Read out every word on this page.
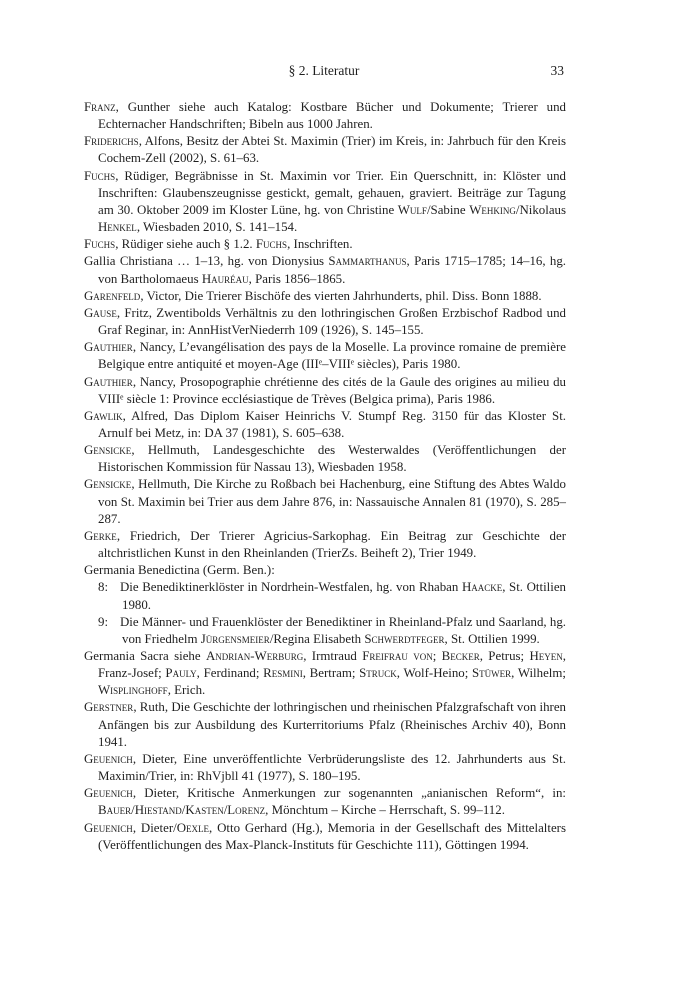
§ 2. Literatur	33
Franz, Gunther siehe auch Katalog: Kostbare Bücher und Dokumente; Trierer und Echternacher Handschriften; Bibeln aus 1000 Jahren.
Friderichs, Alfons, Besitz der Abtei St. Maximin (Trier) im Kreis, in: Jahrbuch für den Kreis Cochem-Zell (2002), S. 61–63.
Fuchs, Rüdiger, Begräbnisse in St. Maximin vor Trier. Ein Querschnitt, in: Klöster und Inschriften: Glaubenszeugnisse gestickt, gemalt, gehauen, graviert. Beiträge zur Tagung am 30. Oktober 2009 im Kloster Lüne, hg. von Christine Wulf/Sabine Wehking/Nikolaus Henkel, Wiesbaden 2010, S. 141–154.
Fuchs, Rüdiger siehe auch § 1.2. Fuchs, Inschriften.
Gallia Christiana … 1–13, hg. von Dionysius Sammarthanus, Paris 1715–1785; 14–16, hg. von Bartholomaeus Hauréau, Paris 1856–1865.
Garenfeld, Victor, Die Trierer Bischöfe des vierten Jahrhunderts, phil. Diss. Bonn 1888.
Gause, Fritz, Zwentibolds Verhältnis zu den lothringischen Großen Erzbischof Radbod und Graf Reginar, in: AnnHistVerNiederrh 109 (1926), S. 145–155.
Gauthier, Nancy, L’evangélisation des pays de la Moselle. La province romaine de première Belgique entre antiquité et moyen-Age (IIIᵉ–VIIIᵉ siècles), Paris 1980.
Gauthier, Nancy, Prosopographie chrétienne des cités de la Gaule des origines au milieu du VIIIᵉ siècle 1: Province ecclésiastique de Trèves (Belgica prima), Paris 1986.
Gawlik, Alfred, Das Diplom Kaiser Heinrichs V. Stumpf Reg. 3150 für das Kloster St. Arnulf bei Metz, in: DA 37 (1981), S. 605–638.
Gensicke, Hellmuth, Landesgeschichte des Westerwaldes (Veröffentlichungen der Historischen Kommission für Nassau 13), Wiesbaden 1958.
Gensicke, Hellmuth, Die Kirche zu Roßbach bei Hachenburg, eine Stiftung des Abtes Waldo von St. Maximin bei Trier aus dem Jahre 876, in: Nassauische Annalen 81 (1970), S. 285–287.
Gerke, Friedrich, Der Trierer Agricius-Sarkophag. Ein Beitrag zur Geschichte der altchristlichen Kunst in den Rheinlanden (TrierZs. Beiheft 2), Trier 1949.
Germania Benedictina (Germ. Ben.):
8: Die Benediktinerklöster in Nordrhein-Westfalen, hg. von Rhaban Haacke, St. Ottilien 1980.
9: Die Männer- und Frauenklöster der Benediktiner in Rheinland-Pfalz und Saarland, hg. von Friedhelm Jürgensmeier/Regina Elisabeth Schwerdtfeger, St. Ottilien 1999.
Germania Sacra siehe Andrian-Werburg, Irmtraud Freifrau von; Becker, Petrus; Heyen, Franz-Josef; Pauly, Ferdinand; Resmini, Bertram; Struck, Wolf-Heino; Stüwer, Wilhelm; Wisplinghoff, Erich.
Gerstner, Ruth, Die Geschichte der lothringischen und rheinischen Pfalzgrafschaft von ihren Anfängen bis zur Ausbildung des Kurterritoriums Pfalz (Rheinisches Archiv 40), Bonn 1941.
Geuenich, Dieter, Eine unveröffentlichte Verbrüderungsliste des 12. Jahrhunderts aus St. Maximin/Trier, in: RhVjbll 41 (1977), S. 180–195.
Geuenich, Dieter, Kritische Anmerkungen zur sogenannten „anianischen Reform“, in: Bauer/Hiestand/Kasten/Lorenz, Mönchtum – Kirche – Herrschaft, S. 99–112.
Geuenich, Dieter/Oexle, Otto Gerhard (Hg.), Memoria in der Gesellschaft des Mittelalters (Veröffentlichungen des Max-Planck-Instituts für Geschichte 111), Göttingen 1994.
